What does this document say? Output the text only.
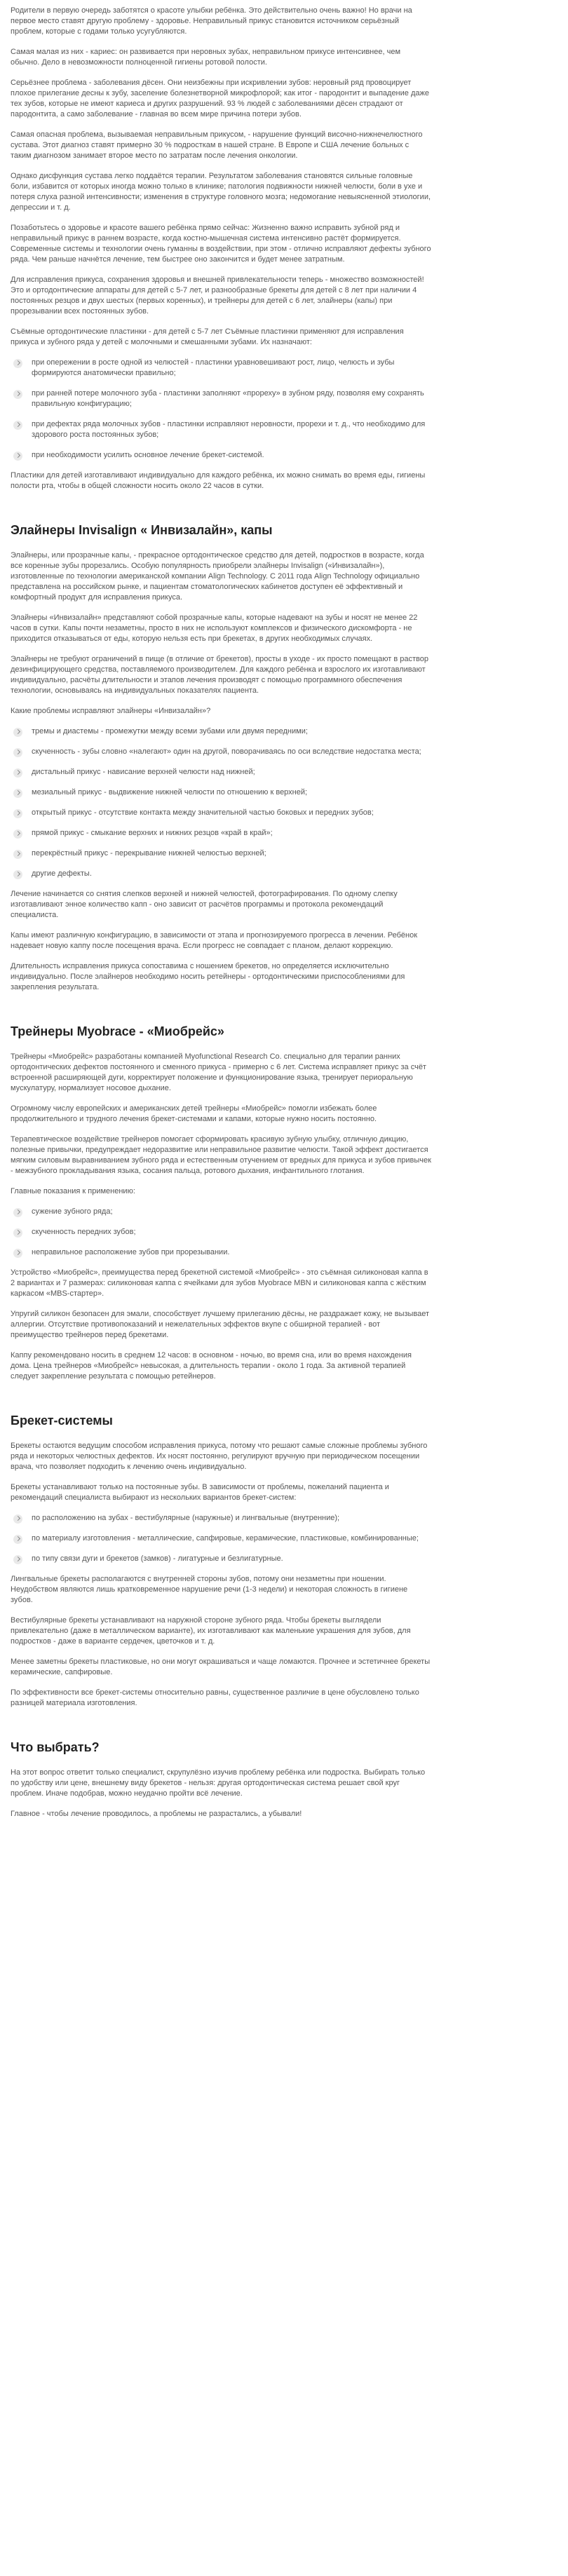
Родители в первую очередь заботятся о красоте улыбки ребёнка. Это действительно очень важно! Но врачи на первое место ставят другую проблему - здоровье. Неправильный прикус становится источником серьёзный проблем, которые с годами только усугубляются.

Самая малая из них - кариес: он развивается при неровных зубах, неправильном прикусе интенсивнее, чем обычно. Дело в невозможности полноценной гигиены ротовой полости.

Серьёзнее проблема - заболевания дёсен. Они неизбежны при искривлении зубов: неровный ряд провоцирует плохое прилегание десны к зубу, заселение болезнетворной микрофлорой; как итог - пародонтит и выпадение даже тех зубов, которые не имеют кариеса и других разрушений. 93 % людей с заболеваниями дёсен страдают от пародонтита, а само заболевание - главная во всем мире причина потери зубов.

Самая опасная проблема, вызываемая неправильным прикусом, - нарушение функций височно-нижнечелюстного сустава. Этот диагноз ставят примерно 30 % подросткам в нашей стране. В Европе и США лечение больных с таким диагнозом занимает второе место по затратам после лечения онкологии.

Однако дисфункция сустава легко поддаётся терапии. Результатом заболевания становятся сильные головные боли, избавится от которых иногда можно только в клинике; патология подвижности нижней челюсти, боли в ухе и потеря слуха разной интенсивности; изменения в структуре головного мозга; недомогание невыясненной этиологии, депрессии и т. д.

Позаботьтесь о здоровье и красоте вашего ребёнка прямо сейчас: Жизненно важно исправить зубной ряд и неправильный прикус в раннем возрасте, когда костно-мышечная система интенсивно растёт формируется. Современные системы и технологии очень гуманны в воздействии, при этом - отлично исправляют дефекты зубного ряда. Чем раньше начнётся лечение, тем быстрее оно закончится и будет менее затратным.

Для исправления прикуса, сохранения здоровья и внешней привлекательности теперь - множество возможностей! Это и ортодонтические аппараты для детей с 5-7 лет, и разнообразные брекеты для детей с 8 лет при наличии 4 постоянных резцов и двух шестых (первых коренных), и трейнеры для детей с 6 лет, элайнеры (капы) при прорезывании всех постоянных зубов.

Съёмные ортодонтические пластинки - для детей с 5-7 лет Съёмные пластинки применяют для исправления прикуса и зубного ряда у детей с молочными и смешанными зубами. Их назначают:

при опережении в росте одной из челюстей - пластинки уравновешивают рост, лицо, челюсть и зубы формируются анатомически правильно;
при ранней потере молочного зуба - пластинки заполняют «прореху» в зубном ряду, позволяя ему сохранять правильную конфигурацию;
при дефектах ряда молочных зубов - пластинки исправляют неровности, прорехи и т. д., что необходимо для здорового роста постоянных зубов;
при необходимости усилить основное лечение брекет-системой.

Пластики для детей изготавливают индивидуально для каждого ребёнка, их можно снимать во время еды, гигиены полости рта, чтобы в общей сложности носить около 22 часов в сутки.

Элайнеры Invisalign « Инвизалайн», капы

Элайнеры, или прозрачные капы, - прекрасное ортодонтическое средство для детей, подростков в возрасте, когда все коренные зубы прорезались. Особую популярность приобрели элайнеры Invisalign («Инвизалайн»), изготовленные по технологии американской компании Align Technology. С 2011 года Align Technology официально представлена на российском рынке, и пациентам стоматологических кабинетов доступен её эффективный и комфортный продукт для исправления прикуса.

Элайнеры «Инвизалайн» представляют собой прозрачные капы, которые надевают на зубы и носят не менее 22 часов в сутки. Капы почти незаметны, просто в них не используют комплексов и физического дискомфорта - не приходится отказываться от еды, которую нельзя есть при брекетах, в других необходимых случаях.

Элайнеры не требуют ограничений в пище (в отличие от брекетов), просты в уходе - их просто помещают в раствор дезинфицирующего средства, поставляемого производителем. Для каждого ребёнка и взрослого их изготавливают индивидуально, расчёты длительности и этапов лечения производят с помощью программного обеспечения технологии, основываясь на индивидуальных показателях пациента.

Какие проблемы исправляют элайнеры «Инвизалайн»?

тремы и диастемы - промежутки между всеми зубами или двумя передними;
скученность - зубы словно «налегают» один на другой, поворачиваясь по оси вследствие недостатка места;
дистальный прикус - нависание верхней челюсти над нижней;
мезиальный прикус - выдвижение нижней челюсти по отношению к верхней;
открытый прикус - отсутствие контакта между значительной частью боковых и передних зубов;
прямой прикус - смыкание верхних и нижних резцов «край в край»;
перекрёстный прикус - перекрывание нижней челюстью верхней;
другие дефекты.

Лечение начинается со снятия слепков верхней и нижней челюстей, фотографирования. По одному слепку изготавливают энное количество капп - оно зависит от расчётов программы и протокола рекомендаций специалиста.

Капы имеют различную конфигурацию, в зависимости от этапа и прогнозируемого прогресса в лечении. Ребёнок надевает новую каппу после посещения врача. Если прогресс не совпадает с планом, делают коррекцию.

Длительность исправления прикуса сопоставима с ношением брекетов, но определяется исключительно индивидуально. После элайнеров необходимо носить ретейнеры - ортодонтическими приспособлениями для закрепления результата.

Трейнеры Myobrace - «Миобрейс»

Трейнеры «Миобрейс» разработаны компанией Myofunctional Research Co. специально для терапии ранних ортодонтических дефектов постоянного и сменного прикуса - примерно с 6 лет. Система исправляет прикус за счёт встроенной расширяющей дуги, корректирует положение и функционирование языка, тренирует периоральную мускулатуру, нормализует носовое дыхание.

Огромному числу европейских и американских детей трейнеры «Миобрейс» помогли избежать более продолжительного и трудного лечения брекет-системами и капами, которые нужно носить постоянно.

Терапевтическое воздействие трейнеров помогает сформировать красивую зубную улыбку, отличную дикцию, полезные привычки, предупреждает недоразвитие или неправильное развитие челюсти. Такой эффект достигается мягким силовым выравниванием зубного ряда и естественным отучением от вредных для прикуса и зубов привычек - межзубного прокладывания языка, сосания пальца, ротового дыхания, инфантильного глотания.

Главные показания к применению:

сужение зубного ряда;
скученность передних зубов;
неправильное расположение зубов при прорезывании.

Устройство «Миобрейс», преимущества перед брекетной системой «Миобрейс» - это съёмная силиконовая каппа в 2 вариантах и 7 размерах: силиконовая каппа с ячейками для зубов Myobrace MBN и силиконовая каппа с жёстким каркасом «MBS-стартер».

Упругий силикон безопасен для эмали, способствует лучшему прилеганию дёсны, не раздражает кожу, не вызывает аллергии. Отсутствие противопоказаний и нежелательных эффектов вкупе с обширной терапией - вот преимущество трейнеров перед брекетами.

Каппу рекомендовано носить в среднем 12 часов: в основном - ночью, во время сна, или во время нахождения дома. Цена трейнеров «Миобрейс» невысокая, а длительность терапии - около 1 года. За активной терапией следует закрепление результата с помощью ретейнеров.

Брекет-системы

Брекеты остаются ведущим способом исправления прикуса, потому что решают самые сложные проблемы зубного ряда и некоторых челюстных дефектов. Их носят постоянно, регулируют вручную при периодическом посещении врача, что позволяет подходить к лечению очень индивидуально.

Брекеты устанавливают только на постоянные зубы. В зависимости от проблемы, пожеланий пациента и рекомендаций специалиста выбирают из нескольких вариантов брекет-систем:

по расположению на зубах - вестибулярные (наружные) и лингвальные (внутренние);
по материалу изготовления - металлические, сапфировые, керамические, пластиковые, комбинированные;
по типу связи дуги и брекетов (замков) - лигатурные и безлигатурные.

Лингвальные брекеты располагаются с внутренней стороны зубов, потому они незаметны при ношении. Неудобством являются лишь кратковременное нарушение речи (1-3 недели) и некоторая сложность в гигиене зубов.

Вестибулярные брекеты устанавливают на наружной стороне зубного ряда. Чтобы брекеты выглядели привлекательно (даже в металлическом варианте), их изготавливают как маленькие украшения для зубов, для подростков - даже в варианте сердечек, цветочков и т. д.

Менее заметны брекеты пластиковые, но они могут окрашиваться и чаще ломаются. Прочнее и эстетичнее брекеты керамические, сапфировые.

По эффективности все брекет-системы относительно равны, существенное различие в цене обусловлено только разницей материала изготовления.

Что выбрать?

На этот вопрос ответит только специалист, скрупулёзно изучив проблему ребёнка или подростка. Выбирать только по удобству или цене, внешнему виду брекетов - нельзя: другая ортодонтическая система решает свой круг проблем. Иначе подобрав, можно неудачно пройти всё лечение.

Главное - чтобы лечение проводилось, а проблемы не разрастались, а убывали!
